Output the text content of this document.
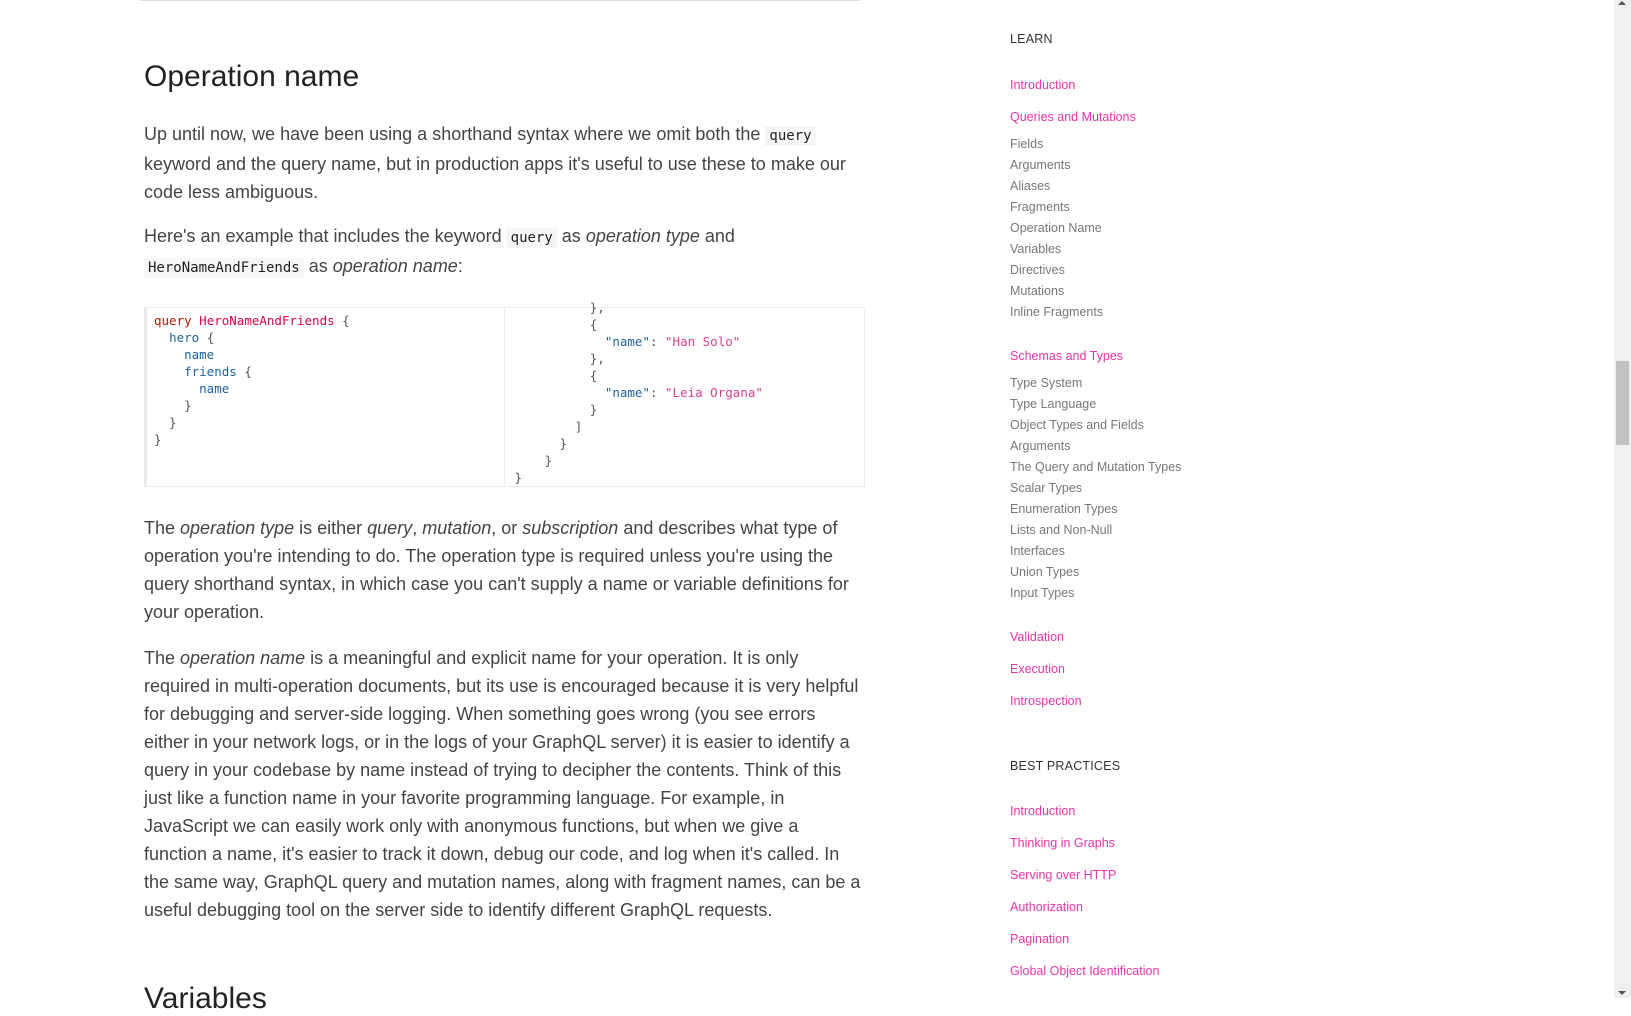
Operation name

Up until now, we have been using a shorthand syntax where we omit both the query keyword and the query name, but in production apps it's useful to use these to make our code less ambiguous.

Here's an example that includes the keyword query as operation type and
HeroNameAndFriends as operation name:

query HeroNameAndFriends {
hero {
name
friends {
name
}
}
}
},
{
"name": "Han Solo"
},
{
"name": "Leia Organa"
}
]
}
}
}

The operation type is either query, mutation, or subscription and describes what type of operation you're intending to do. The operation type is required unless you're using the query shorthand syntax, in which case you can't supply a name or variable definitions for your operation.

The operation name is a meaningful and explicit name for your operation. It is only required in multi-operation documents, but its use is encouraged because it is very helpful for debugging and server-side logging. When something goes wrong (you see errors either in your network logs, or in the logs of your GraphQL server) it is easier to identify a query in your codebase by name instead of trying to decipher the contents. Think of this just like a function name in your favorite programming language. For example, in JavaScript we can easily work only with anonymous functions, but when we give a function a name, it's easier to track it down, debug our code, and log when it's called. In the same way, GraphQL query and mutation names, along with fragment names, can be a useful debugging tool on the server side to identify different GraphQL requests.

Variables
LEARN
Introduction
Queries and Mutations
Fields
Arguments
Aliases
Fragments
Operation Name
Variables
Directives
Mutations
Inline Fragments
Schemas and Types
Type System
Type Language
Object Types and Fields
Arguments
The Query and Mutation Types
Scalar Types
Enumeration Types
Lists and Non-Null
Interfaces
Union Types
Input Types
Validation
Execution
Introspection
BEST PRACTICES
Introduction
Thinking in Graphs
Serving over HTTP
Authorization
Pagination
Global Object Identification
